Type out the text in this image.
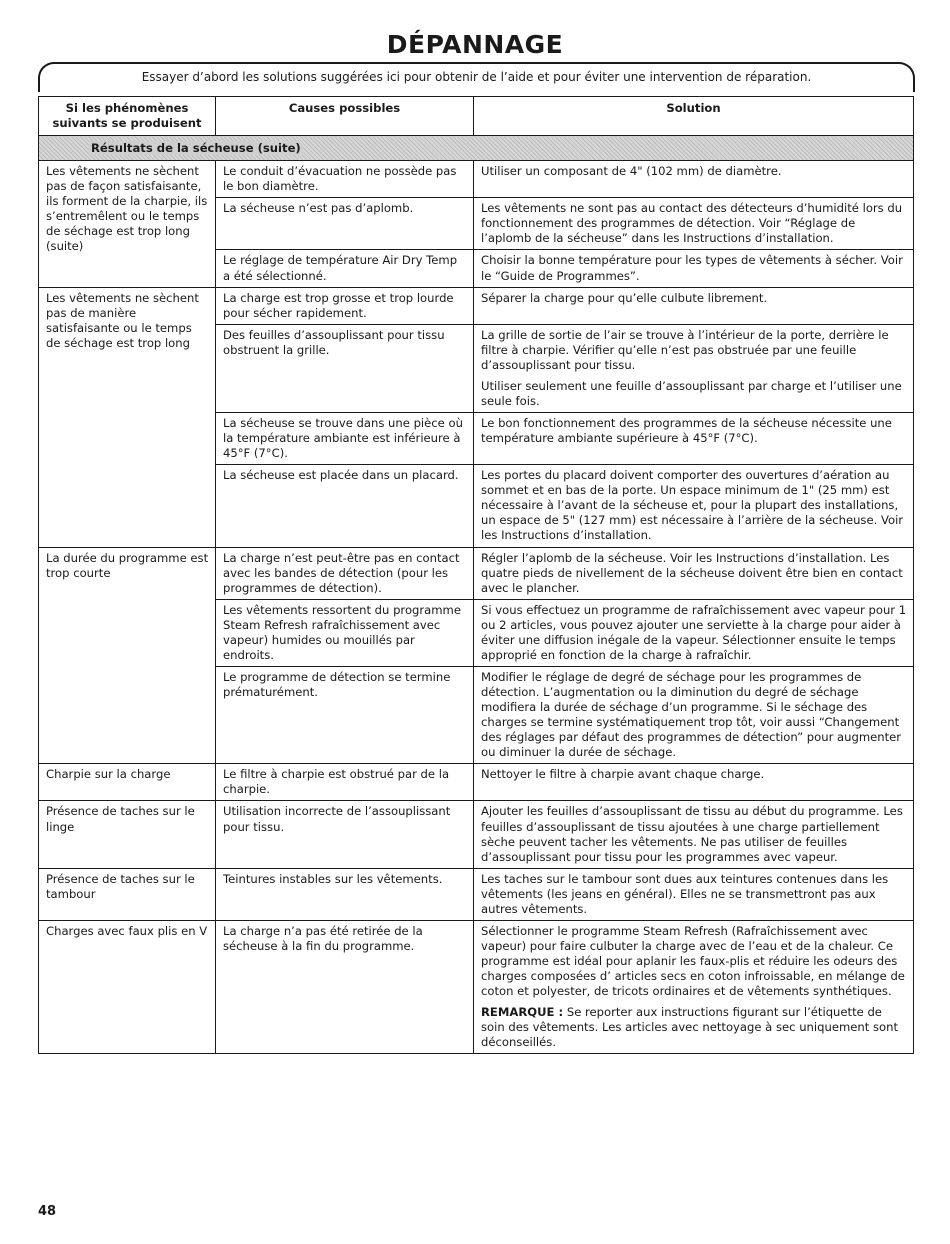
DÉPANNAGE

Essayer d’abord les solutions suggérées ici pour obtenir de l’aide et pour éviter une intervention de réparation.

Si les phénomènes suivants se produisent	Causes possibles	Solution
Résultats de la sécheuse (suite)		
Les vêtements ne sèchent pas de façon satisfaisante, ils forment de la charpie, ils s’entremêlent ou le temps de séchage est trop long (suite)	Le conduit d’évacuation ne possède pas le bon diamètre.	Utiliser un composant de 4" (102 mm) de diamètre.

	La sécheuse n’est pas d’aplomb.	Les vêtements ne sont pas au contact des détecteurs d’humidité lors du fonctionnement des programmes de détection. Voir “Réglage de l’aplomb de la sécheuse” dans les Instructions d’installation.

	Le réglage de température Air Dry Temp a été sélectionné.	Choisir la bonne température pour les types de vêtements à sécher. Voir le “Guide de Programmes”.

Les vêtements ne sèchent pas de manière satisfaisante ou le temps de séchage est trop long	La charge est trop grosse et trop lourde pour sécher rapidement.	Séparer la charge pour qu’elle culbute librement.

	Des feuilles d’assouplissant pour tissu obstruent la grille.	La grille de sortie de l’air se trouve à l’intérieur de la porte, derrière le filtre à charpie. Vérifier qu’elle n’est pas obstruée par une feuille d’assouplissant pour tissu.

Utiliser seulement une feuille d’assouplissant par charge et l’utiliser une seule fois.

	La sécheuse se trouve dans une pièce où la température ambiante est inférieure à 45°F (7°C).	Le bon fonctionnement des programmes de la sécheuse nécessite une température ambiante supérieure à 45°F (7°C).

	La sécheuse est placée dans un placard.	Les portes du placard doivent comporter des ouvertures d’aération au sommet et en bas de la porte. Un espace minimum de 1" (25 mm) est nécessaire à l’avant de la sécheuse et, pour la plupart des installations, un espace de 5" (127 mm) est nécessaire à l’arrière de la sécheuse. Voir les Instructions d’installation.

La durée du programme est trop courte	La charge n’est peut-être pas en contact avec les bandes de détection (pour les programmes de détection).	Régler l’aplomb de la sécheuse. Voir les Instructions d’installation. Les quatre pieds de nivellement de la sécheuse doivent être bien en contact avec le plancher.

	Les vêtements ressortent du programme Steam Refresh rafraîchissement avec vapeur) humides ou mouillés par endroits.	Si vous effectuez un programme de rafraîchissement avec vapeur pour 1 ou 2 articles, vous pouvez ajouter une serviette à la charge pour aider à éviter une diffusion inégale de la vapeur. Sélectionner ensuite le temps approprié en fonction de la charge à rafraîchir.

	Le programme de détection se termine prématurément.	Modifier le réglage de degré de séchage pour les programmes de détection. L’augmentation ou la diminution du degré de séchage modifiera la durée de séchage d’un programme. Si le séchage des charges se termine systématiquement trop tôt, voir aussi “Changement des réglages par défaut des programmes de détection” pour augmenter ou diminuer la durée de séchage.

Charpie sur la charge	Le filtre à charpie est obstrué par de la charpie.	Nettoyer le filtre à charpie avant chaque charge.

Présence de taches sur le linge	Utilisation incorrecte de l’assouplissant pour tissu.	Ajouter les feuilles d’assouplissant de tissu au début du programme. Les feuilles d’assouplissant de tissu ajoutées à une charge partiellement sèche peuvent tacher les vêtements. Ne pas utiliser de feuilles d’assouplissant pour tissu pour les programmes avec vapeur.

Présence de taches sur le tambour	Teintures instables sur les vêtements.	Les taches sur le tambour sont dues aux teintures contenues dans les vêtements (les jeans en général). Elles ne se transmettront pas aux autres vêtements.

Charges avec faux plis en V	La charge n’a pas été retirée de la sécheuse à la fin du programme.	Sélectionner le programme Steam Refresh (Rafraîchissement avec vapeur) pour faire culbuter la charge avec de l’eau et de la chaleur. Ce programme est idéal pour aplanir les faux-plis et réduire les odeurs des charges composées d’ articles secs en coton infroissable, en mélange de coton et polyester, de tricots ordinaires et de vêtements synthétiques.

REMARQUE : Se reporter aux instructions figurant sur l’étiquette de soin des vêtements. Les articles avec nettoyage à sec uniquement sont déconseillés.

48
